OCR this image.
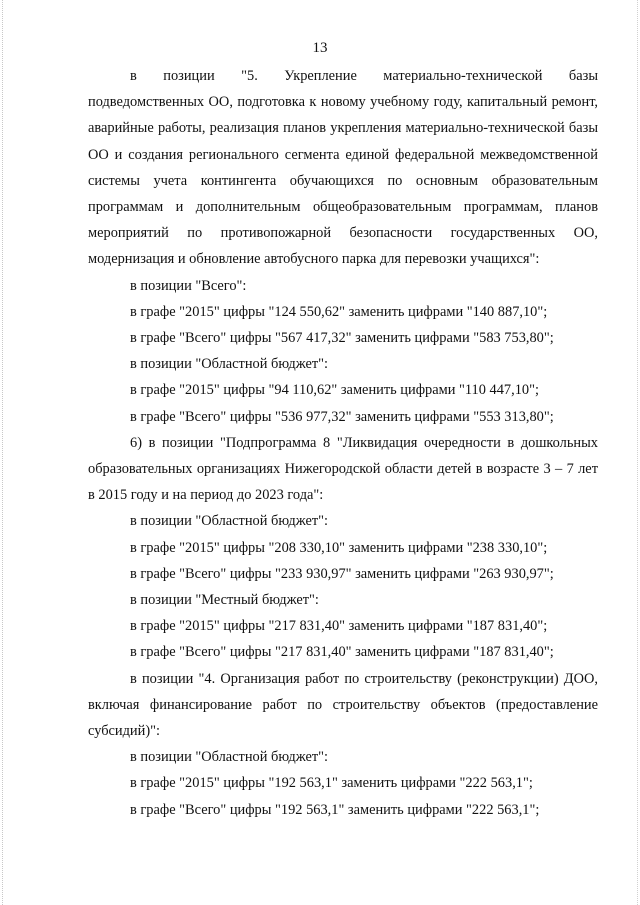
13

в позиции "5. Укрепление материально-технической базы подведомственных ОО, подготовка к новому учебному году, капитальный ремонт, аварийные работы, реализация планов укрепления материально-технической базы ОО и создания регионального сегмента единой федеральной межведомственной системы учета контингента обучающихся по основным образовательным программам и дополнительным общеобразовательным программам, планов мероприятий по противопожарной безопасности государственных ОО, модернизация и обновление автобусного парка для перевозки учащихся":

в позиции "Всего":

в графе "2015" цифры "124 550,62" заменить цифрами "140 887,10";

в графе "Всего" цифры "567 417,32" заменить цифрами "583 753,80";

в позиции "Областной бюджет":

в графе "2015" цифры "94 110,62" заменить цифрами "110 447,10";

в графе "Всего" цифры "536 977,32" заменить цифрами "553 313,80";

6) в позиции "Подпрограмма 8 "Ликвидация очередности в дошкольных образовательных организациях Нижегородской области детей в возрасте 3 – 7 лет в 2015 году и на период до 2023 года":

в позиции "Областной бюджет":

в графе "2015" цифры "208 330,10" заменить цифрами "238 330,10";

в графе "Всего" цифры "233 930,97" заменить цифрами "263 930,97";

в позиции "Местный бюджет":

в графе "2015" цифры "217 831,40" заменить цифрами "187 831,40";

в графе "Всего" цифры "217 831,40" заменить цифрами "187 831,40";

в позиции "4. Организация работ по строительству (реконструкции) ДОО, включая финансирование работ по строительству объектов (предоставление субсидий)":

в позиции "Областной бюджет":

в графе "2015" цифры "192 563,1" заменить цифрами "222 563,1";

в графе "Всего" цифры "192 563,1" заменить цифрами "222 563,1";
